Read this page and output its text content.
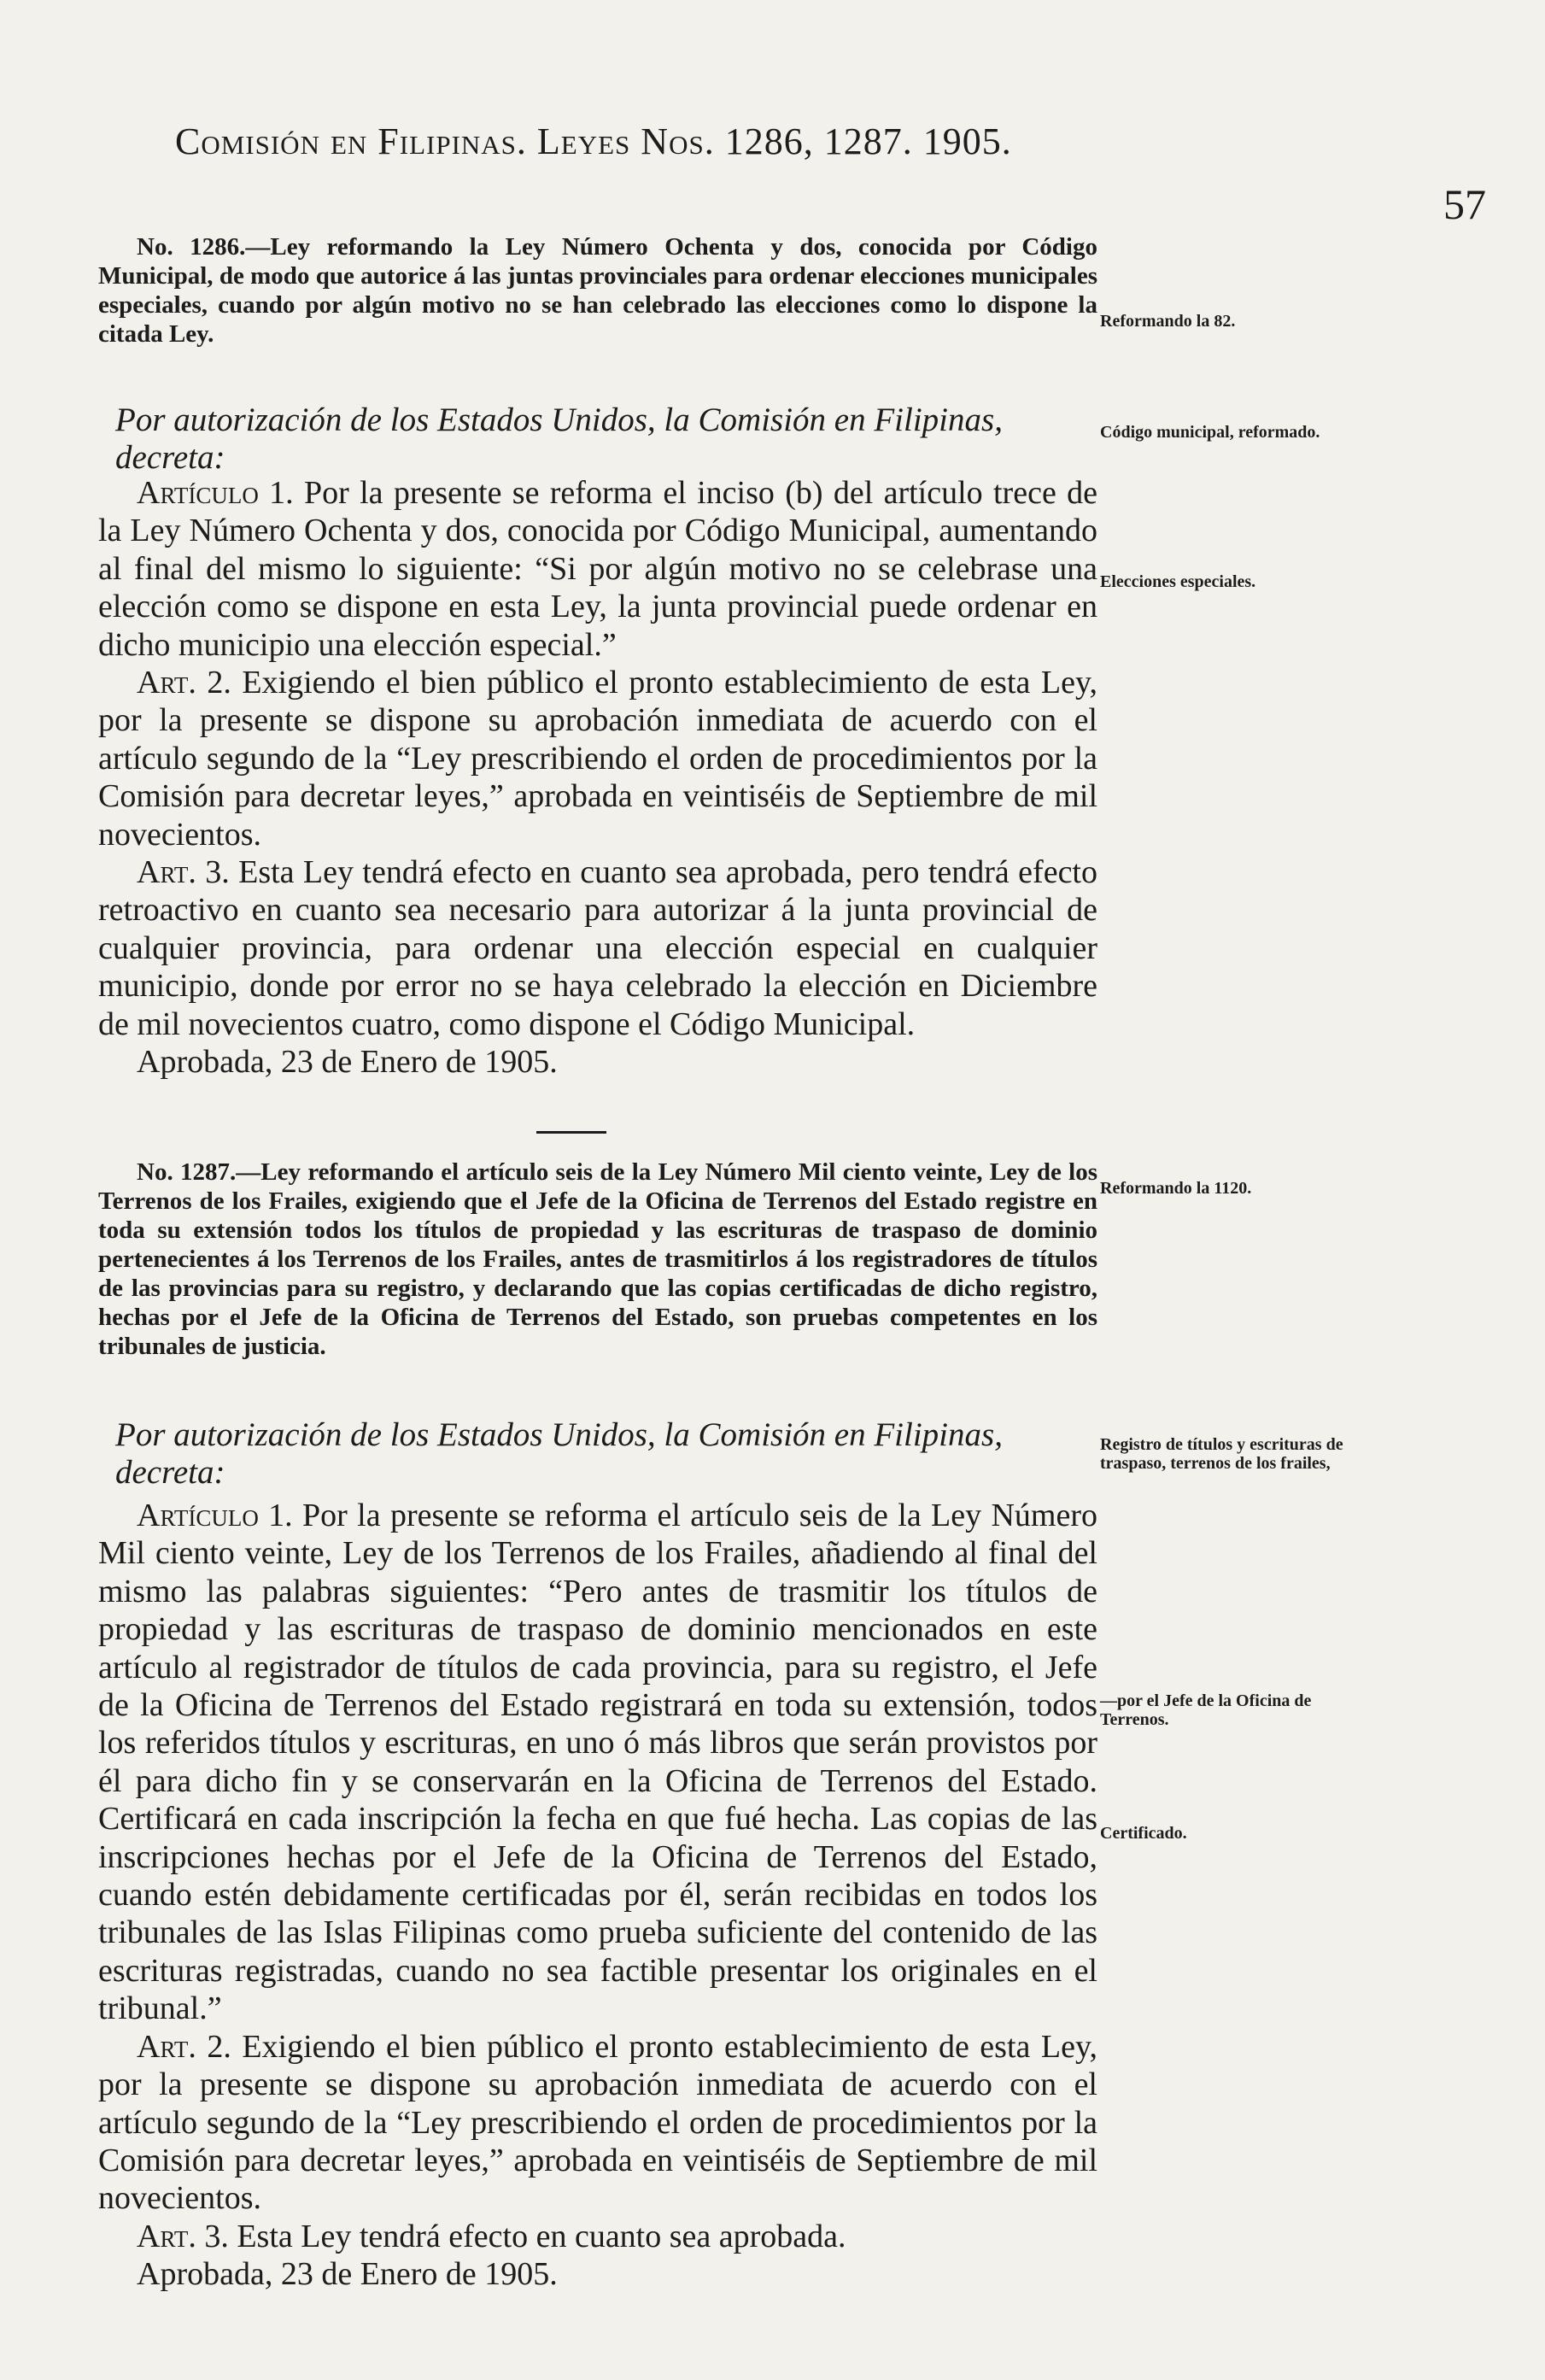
Comisión en Filipinas. Leyes Nos. 1286, 1287. 1905.
57
No. 1286.—Ley reformando la Ley Número Ochenta y dos, conocida por Código Municipal, de modo que autorice á las juntas provinciales para ordenar elecciones municipales especiales, cuando por algún motivo no se han celebrado las elecciones como lo dispone la citada Ley.
Por autorización de los Estados Unidos, la Comisión en Filipinas, decreta:

Artículo 1. Por la presente se reforma el inciso (b) del artículo trece de la Ley Número Ochenta y dos, conocida por Código Municipal, aumentando al final del mismo lo siguiente: “Si por algún motivo no se celebrase una elección como se dispone en esta Ley, la junta provincial puede ordenar en dicho municipio una elección especial.”

Art. 2. Exigiendo el bien público el pronto establecimiento de esta Ley, por la presente se dispone su aprobación inmediata de acuerdo con el artículo segundo de la “Ley prescribiendo el orden de procedimientos por la Comisión para decretar leyes,” aprobada en veintiséis de Septiembre de mil novecientos.

Art. 3. Esta Ley tendrá efecto en cuanto sea aprobada, pero tendrá efecto retroactivo en cuanto sea necesario para autorizar á la junta provincial de cualquier provincia, para ordenar una elección especial en cualquier municipio, donde por error no se haya celebrado la elección en Diciembre de mil novecientos cuatro, como dispone el Código Municipal.

Aprobada, 23 de Enero de 1905.

Reformando la 82.
Código municipal, reformado.
Elecciones especiales.
No. 1287.—Ley reformando el artículo seis de la Ley Número Mil ciento veinte, Ley de los Terrenos de los Frailes, exigiendo que el Jefe de la Oficina de Terrenos del Estado registre en toda su extensión todos los títulos de propiedad y las escrituras de traspaso de dominio pertenecientes á los Terrenos de los Frailes, antes de trasmitirlos á los registradores de títulos de las provincias para su registro, y declarando que las copias certificadas de dicho registro, hechas por el Jefe de la Oficina de Terrenos del Estado, son pruebas competentes en los tribunales de justicia.
Por autorización de los Estados Unidos, la Comisión en Filipinas, decreta:

Artículo 1. Por la presente se reforma el artículo seis de la Ley Número Mil ciento veinte, Ley de los Terrenos de los Frailes, añadiendo al final del mismo las palabras siguientes: “Pero antes de trasmitir los títulos de propiedad y las escrituras de traspaso de dominio mencionados en este artículo al registrador de títulos de cada provincia, para su registro, el Jefe de la Oficina de Terrenos del Estado registrará en toda su extensión, todos los referidos títulos y escrituras, en uno ó más libros que serán provistos por él para dicho fin y se conservarán en la Oficina de Terrenos del Estado. Certificará en cada inscripción la fecha en que fué hecha. Las copias de las inscripciones hechas por el Jefe de la Oficina de Terrenos del Estado, cuando estén debidamente certificadas por él, serán recibidas en todos los tribunales de las Islas Filipinas como prueba suficiente del contenido de las escrituras registradas, cuando no sea factible presentar los originales en el tribunal.”

Art. 2. Exigiendo el bien público el pronto establecimiento de esta Ley, por la presente se dispone su aprobación inmediata de acuerdo con el artículo segundo de la “Ley prescribiendo el orden de procedimientos por la Comisión para decretar leyes,” aprobada en veintiséis de Septiembre de mil novecientos.

Art. 3. Esta Ley tendrá efecto en cuanto sea aprobada.

Aprobada, 23 de Enero de 1905.

Reformando la 1120.
Registro de títulos y escrituras de traspaso, terrenos de los frailes,
—por el Jefe de la Oficina de Terrenos.
Certificado.
